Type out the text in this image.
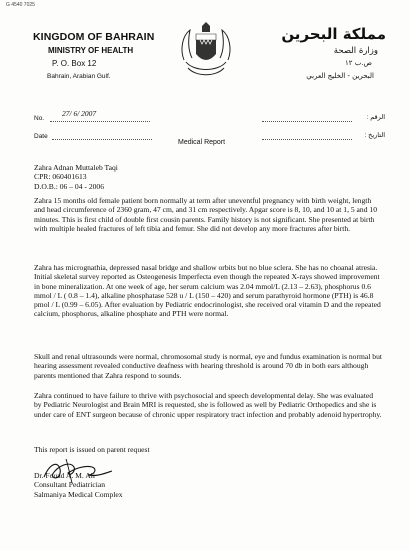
G 4540 7025
KINGDOM OF BAHRAIN
MINISTRY OF HEALTH
P. O. Box 12
Bahrain, Arabian Gulf.
مملكة البحرين
وزارة الصحة
ص.ب ١٢
البحرين - الخليج العربي
No.
27/ 6/ 2007
Date
الرقم :
التاريخ :
Medical Report
Zahra Adnan Muttaleb Taqi
CPR: 060401613
D.O.B.: 06 – 04 - 2006

Zahra 15 months old female patient born normally at term after uneventful pregnancy with birth weight, length and head circumference of 2360 gram, 47 cm, and 31 cm respectively. Apgar score is 8, 10, and 10 at 1, 5 and 10 minutes. This is first child of double first cousin parents. Family history is not significant. She presented at birth with multiple healed fractures of left tibia and femur. She did not develop any more fractures after birth.

Zahra has micrognathia, depressed nasal bridge and shallow orbits but no blue sclera. She has no choanal atresia. Initial skeletal survey reported as Osteogenesis Imperfecta even though the repeated X-rays showed improvement in bone mineralization. At one week of age, her serum calcium was 2.04 mmol/L (2.13 – 2.63), phosphorus 0.6 mmol / L ( 0.8 – 1.4), alkaline phosphatase 528 u / L (150 – 420) and serum parathyroid hormone (PTH) is 46.8 pmol / L (0.99 – 6.05). After evaluation by Pediatric endocrinologist, she received oral vitamin D and the repeated calcium, phosphorus, alkaline phosphate and PTH were normal.

Skull and renal ultrasounds were normal, chromosomal study is normal, eye and fundus examination is normal but hearing assessment revealed conductive deafness with hearing threshold is around 70 db in both ears although parents mentioned that Zahra respond to sounds.

Zahra continued to have failure to thrive with psychosocial and speech developmental delay. She was evaluated by Pediatric Neurologist and Brain MRI is requested, she is followed as well by Pediatric Orthopedics and she is under care of ENT surgeon because of chronic upper respiratory tract infection and probably adenoid hypertrophy.

This report is issued on parent request

Dr. Fouad A. M. Ali
Consultant Pediatrician
Salmaniya Medical Complex
